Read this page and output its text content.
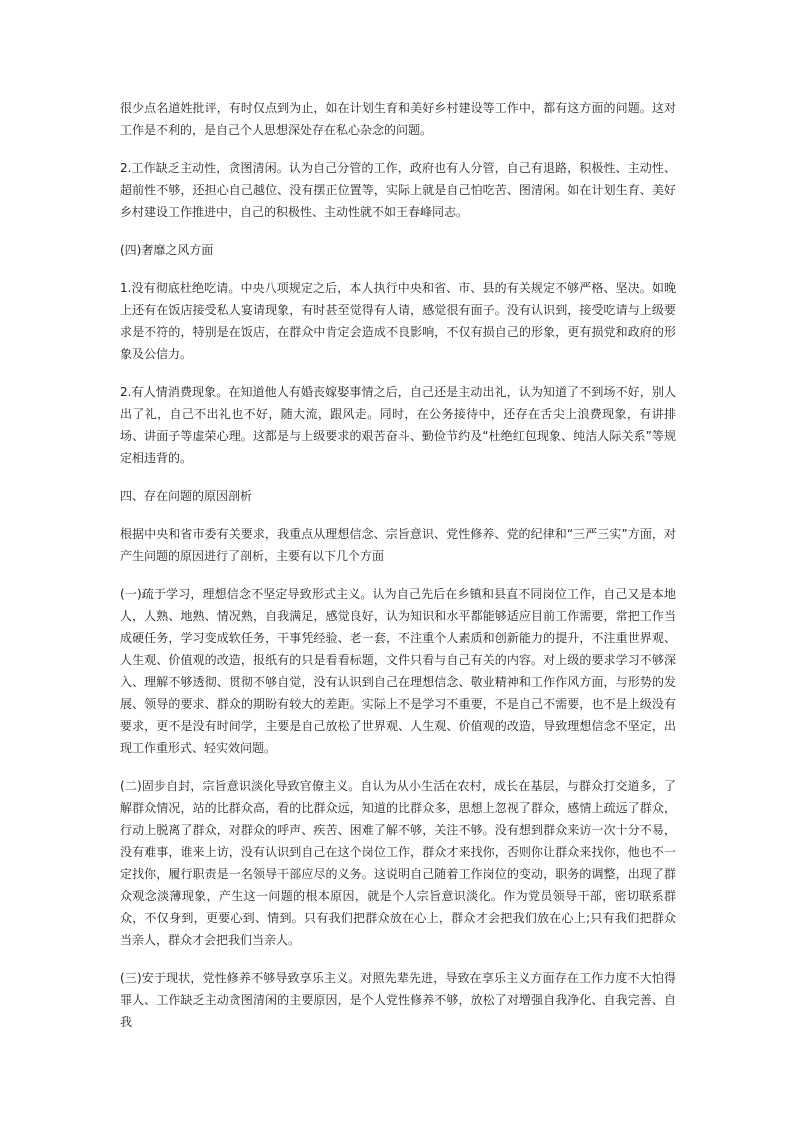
很少点名道姓批评，有时仅点到为止，如在计划生育和美好乡村建设等工作中，都有这方面的问题。这对工作是不利的，是自己个人思想深处存在私心杂念的问题。

2.工作缺乏主动性，贪图清闲。认为自己分管的工作，政府也有人分管，自己有退路，积极性、主动性、超前性不够，还担心自己越位、没有摆正位置等，实际上就是自己怕吃苦、图清闲。如在计划生育、美好乡村建设工作推进中，自己的积极性、主动性就不如王春峰同志。

(四)奢靡之风方面

1.没有彻底杜绝吃请。中央八项规定之后，本人执行中央和省、市、县的有关规定不够严格、坚决。如晚上还有在饭店接受私人宴请现象，有时甚至觉得有人请，感觉很有面子。没有认识到，接受吃请与上级要求是不符的，特别是在饭店，在群众中肯定会造成不良影响，不仅有损自己的形象，更有损党和政府的形象及公信力。

2.有人情消费现象。在知道他人有婚丧嫁娶事情之后，自己还是主动出礼，认为知道了不到场不好，别人出了礼，自己不出礼也不好，随大流，跟风走。同时，在公务接待中，还存在舌尖上浪费现象，有讲排场、讲面子等虚荣心理。这都是与上级要求的艰苦奋斗、勤俭节约及“杜绝红包现象、纯洁人际关系”等规定相违背的。

四、存在问题的原因剖析

根据中央和省市委有关要求，我重点从理想信念、宗旨意识、党性修养、党的纪律和“三严三实”方面，对产生问题的原因进行了剖析，主要有以下几个方面

(一)疏于学习，理想信念不坚定导致形式主义。认为自己先后在乡镇和县直不同岗位工作，自己又是本地人，人熟、地熟、情况熟，自我满足，感觉良好，认为知识和水平都能够适应目前工作需要，常把工作当成硬任务，学习变成软任务，干事凭经验、老一套，不注重个人素质和创新能力的提升，不注重世界观、人生观、价值观的改造，报纸有的只是看看标题，文件只看与自己有关的内容。对上级的要求学习不够深入、理解不够透彻、贯彻不够自觉，没有认识到自己在理想信念、敬业精神和工作作风方面，与形势的发展、领导的要求、群众的期盼有较大的差距。实际上不是学习不重要，不是自己不需要，也不是上级没有要求，更不是没有时间学，主要是自己放松了世界观、人生观、价值观的改造，导致理想信念不坚定，出现工作重形式、轻实效问题。

(二)固步自封，宗旨意识淡化导致官僚主义。自认为从小生活在农村，成长在基层，与群众打交道多，了解群众情况，站的比群众高，看的比群众远，知道的比群众多，思想上忽视了群众，感情上疏远了群众，行动上脱离了群众，对群众的呼声、疾苦、困难了解不够，关注不够。没有想到群众来访一次十分不易，没有难事，谁来上访，没有认识到自己在这个岗位工作，群众才来找你，否则你让群众来找你，他也不一定找你，履行职责是一名领导干部应尽的义务。这说明自己随着工作岗位的变动，职务的调整，出现了群众观念淡薄现象，产生这一问题的根本原因，就是个人宗旨意识淡化。作为党员领导干部，密切联系群众，不仅身到，更要心到、情到。只有我们把群众放在心上，群众才会把我们放在心上;只有我们把群众当亲人，群众才会把我们当亲人。

(三)安于现状，党性修养不够导致享乐主义。对照先辈先进，导致在享乐主义方面存在工作力度不大怕得罪人、工作缺乏主动贪图清闲的主要原因，是个人党性修养不够，放松了对增强自我净化、自我完善、自我
